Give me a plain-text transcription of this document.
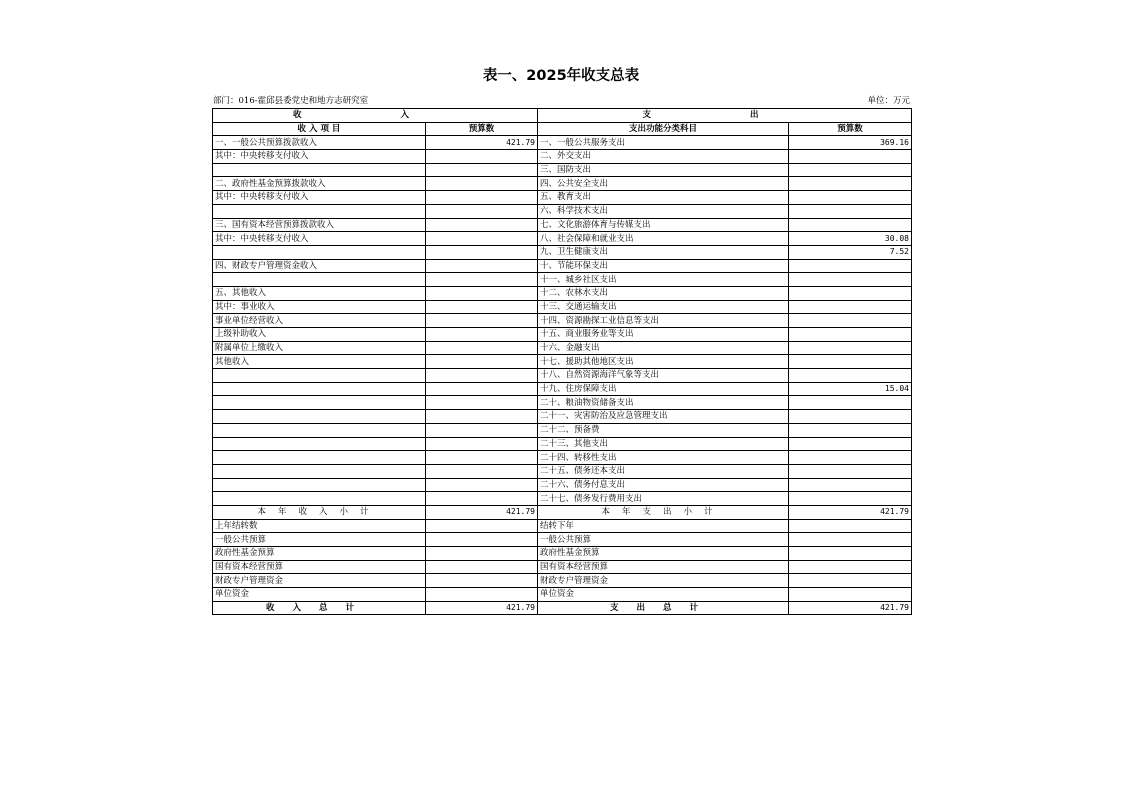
表一、2025年收支总表
部门：016-霍邱县委党史和地方志研究室	单位：万元
收 入		支 出	
收 入 项 目	预算数	支出功能分类科目	预算数
一、一般公共预算拨款收入	421.79	一、一般公共服务支出	369.16
其中：中央转移支付收入		二、外交支出	
		三、国防支出	
二、政府性基金预算拨款收入		四、公共安全支出	
其中：中央转移支付收入		五、教育支出	
		六、科学技术支出	
三、国有资本经营预算拨款收入		七、文化旅游体育与传媒支出	
其中：中央转移支付收入		八、社会保障和就业支出	30.08
		九、卫生健康支出	7.52
四、财政专户管理资金收入		十、节能环保支出	
		十一、城乡社区支出	
五、其他收入		十二、农林水支出	
其中：事业收入		十三、交通运输支出	
事业单位经营收入		十四、资源勘探工业信息等支出	
上级补助收入		十五、商业服务业等支出	
附属单位上缴收入		十六、金融支出	
其他收入		十七、援助其他地区支出	
		十八、自然资源海洋气象等支出	
		十九、住房保障支出	15.04
		二十、粮油物资储备支出	
		二十一、灾害防治及应急管理支出	
		二十二、预备费	
		二十三、其他支出	
		二十四、转移性支出	
		二十五、债务还本支出	
		二十六、债务付息支出	
		二十七、债务发行费用支出	
本年收入小计	421.79	本年支出小计	421.79
上年结转数		结转下年	
一般公共预算		一般公共预算	
政府性基金预算		政府性基金预算	
国有资本经营预算		国有资本经营预算	
财政专户管理资金		财政专户管理资金	
单位资金		单位资金	
收入总计	421.79	支出总计	421.79
